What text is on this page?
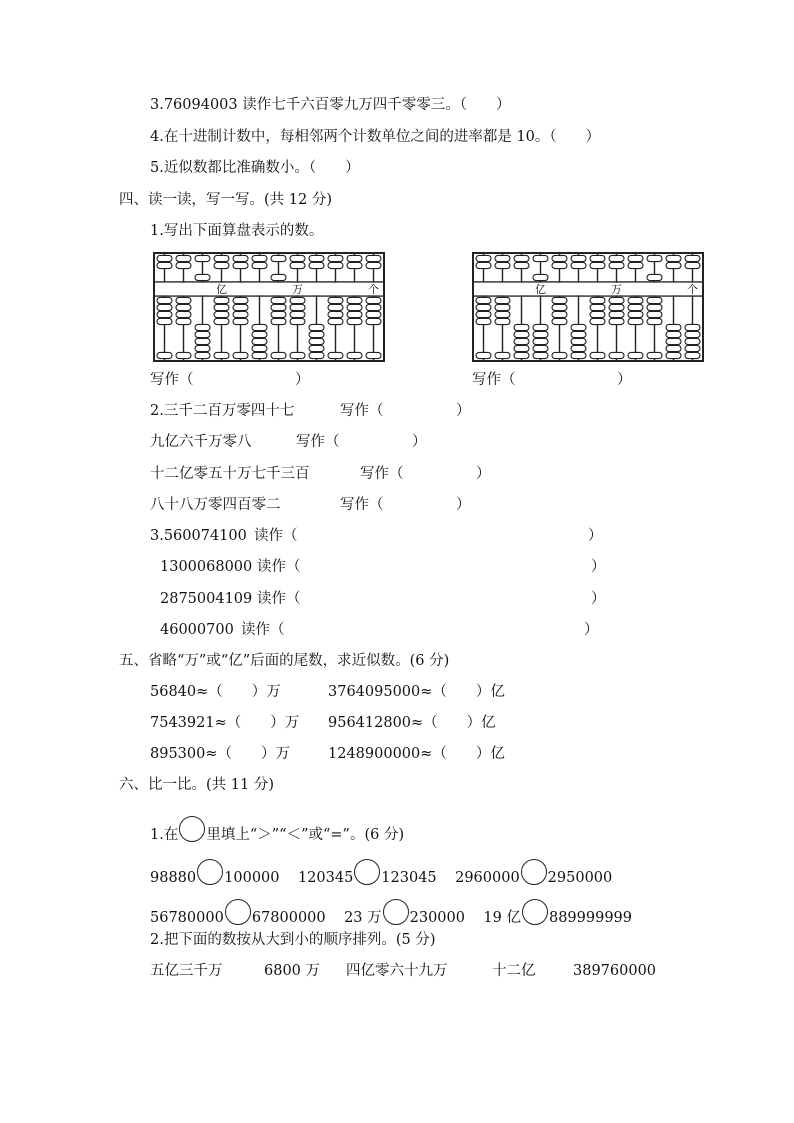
3.76094003 读作七千六百零九万四千零零三。（　　）
4.在十进制计数中，每相邻两个计数单位之间的进率都是 10。（　　）
5.近似数都比准确数小。（　　）
四、读一读，写一写。(共 12 分)
1.写出下面算盘表示的数。
亿	万	个	亿	万	个
写作（　　　　　　　）	写作（　　　　　　　）
2.三千二百万零四十七	写作（　　　　　）
九亿六千万零八	写作（　　　　　）
十二亿零五十万七千三百	写作（　　　　　）
八十八万零四百零二	写作（　　　　　）
3.560074100 读作（	）
1300068000 读作（	）
2875004109 读作（	）
46000700 读作（	）
五、省略“万”或“亿”后面的尾数，求近似数。(6 分)
56840≈（　　）万	3764095000≈（　　）亿
7543921≈（　　）万 956412800≈（　　）亿
895300≈（　　）万	1248900000≈（　　）亿
六、比一比。(共 11 分)
1.在 里填上“＞”“＜”或“=”。(6 分)
98880 100000 120345 123045 2960000 2950000
56780000 67800000 23 万 230000 19 亿 889999999
2.把下面的数按从大到小的顺序排列。(5 分)
五亿三千万	6800 万 四亿零六十九万	十二亿	389760000
